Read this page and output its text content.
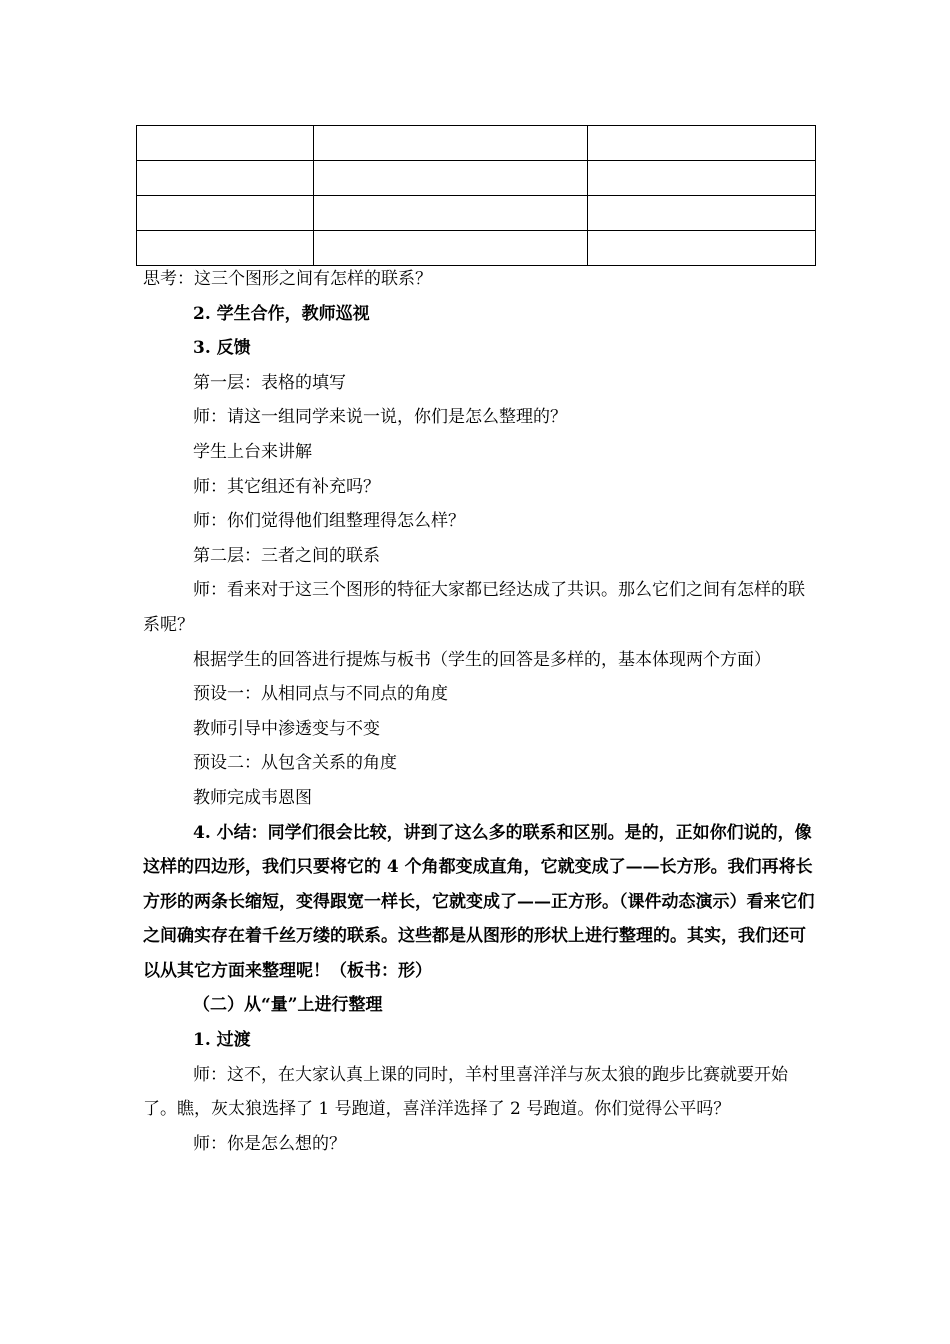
思考：这三个图形之间有怎样的联系？

2. 学生合作，教师巡视

3. 反馈

第一层：表格的填写

师：请这一组同学来说一说，你们是怎么整理的？

学生上台来讲解

师：其它组还有补充吗？

师：你们觉得他们组整理得怎么样？

第二层：三者之间的联系

师：看来对于这三个图形的特征大家都已经达成了共识。那么它们之间有怎样的联系呢？

根据学生的回答进行提炼与板书（学生的回答是多样的，基本体现两个方面）

预设一：从相同点与不同点的角度

教师引导中渗透变与不变

预设二：从包含关系的角度

教师完成韦恩图

4. 小结：同学们很会比较，讲到了这么多的联系和区别。是的，正如你们说的，像这样的四边形，我们只要将它的 4 个角都变成直角，它就变成了——长方形。我们再将长方形的两条长缩短，变得跟宽一样长，它就变成了——正方形。（课件动态演示）看来它们之间确实存在着千丝万缕的联系。这些都是从图形的形状上进行整理的。其实，我们还可以从其它方面来整理呢！（板书：形）

（二）从“量”上进行整理

1. 过渡

师：这不，在大家认真上课的同时，羊村里喜洋洋与灰太狼的跑步比赛就要开始了。瞧，灰太狼选择了 1 号跑道，喜洋洋选择了 2 号跑道。你们觉得公平吗？

师：你是怎么想的？
